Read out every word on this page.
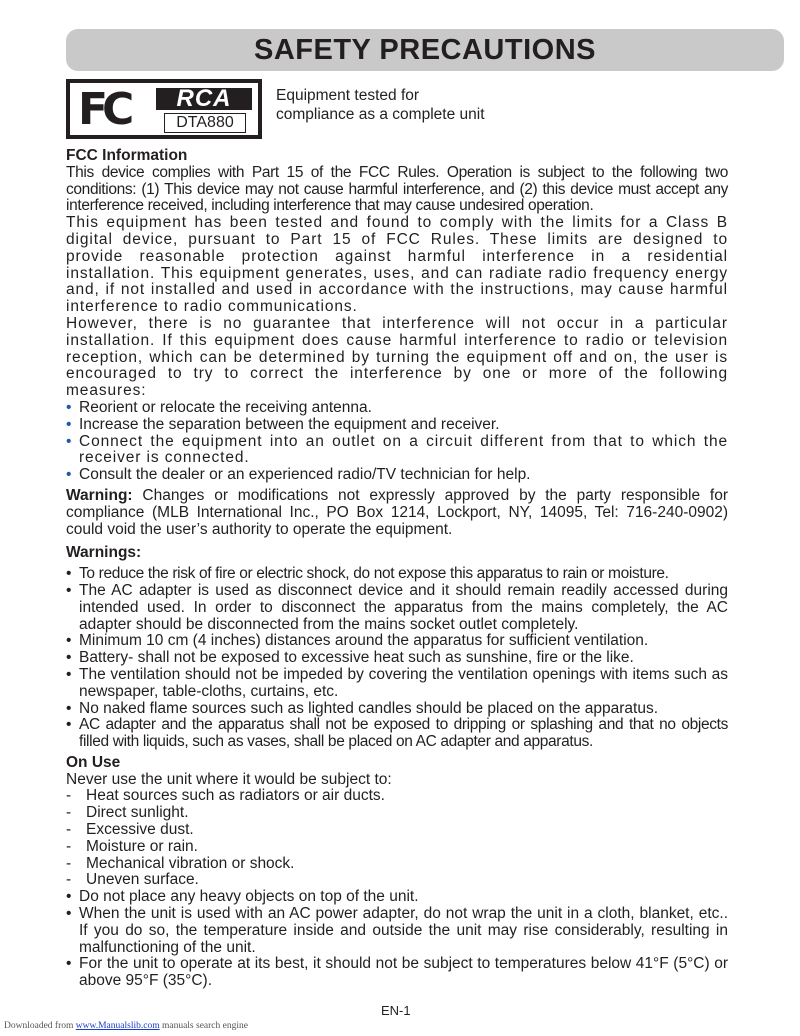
SAFETY PRECAUTIONS
FC	RCA
DTA880
Equipment tested for
compliance as a complete unit

FCC Information

This device complies with Part 15 of the FCC Rules. Operation is subject to the following two conditions: (1) This device may not cause harmful interference, and (2) this device must accept any interference received, including interference that may cause undesired operation.

This equipment has been tested and found to comply with the limits for a Class B digital device, pursuant to Part 15 of FCC Rules. These limits are designed to provide reasonable protection against harmful interference in a residential installation. This equipment generates, uses, and can radiate radio frequency energy and, if not installed and used in accordance with the instructions, may cause harmful interference to radio communications.

However, there is no guarantee that interference will not occur in a particular installation. If this equipment does cause harmful interference to radio or television reception, which can be determined by turning the equipment off and on, the user is encouraged to try to correct the interference by one or more of the following measures:

• Reorient or relocate the receiving antenna.
• Increase the separation between the equipment and receiver.
• Connect the equipment into an outlet on a circuit different from that to which the receiver is connected.
• Consult the dealer or an experienced radio/TV technician for help.

Warning: Changes or modifications not expressly approved by the party responsible for compliance (MLB International Inc., PO Box 1214, Lockport, NY, 14095, Tel: 716-240-0902) could void the user’s authority to operate the equipment.

Warnings:

• To reduce the risk of fire or electric shock, do not expose this apparatus to rain or moisture.
• The AC adapter is used as disconnect device and it should remain readily accessed during intended used. In order to disconnect the apparatus from the mains completely, the AC adapter should be disconnected from the mains socket outlet completely.
• Minimum 10 cm (4 inches) distances around the apparatus for sufficient ventilation.
• Battery- shall not be exposed to excessive heat such as sunshine, fire or the like.
• The ventilation should not be impeded by covering the ventilation openings with items such as newspaper, table-cloths, curtains, etc.
• No naked flame sources such as lighted candles should be placed on the apparatus.
• AC adapter and the apparatus shall not be exposed to dripping or splashing and that no objects filled with liquids, such as vases, shall be placed on AC adapter and apparatus.

On Use

Never use the unit where it would be subject to:

- Heat sources such as radiators or air ducts.
- Direct sunlight.
- Excessive dust.
- Moisture or rain.
- Mechanical vibration or shock.
- Uneven surface.
• Do not place any heavy objects on top of the unit.
• When the unit is used with an AC power adapter, do not wrap the unit in a cloth, blanket, etc.. If you do so, the temperature inside and outside the unit may rise considerably, resulting in malfunctioning of the unit.
• For the unit to operate at its best, it should not be subject to temperatures below 41°F (5°C) or above 95°F (35°C).
EN-1
Downloaded from www.Manualslib.com manuals search engine
